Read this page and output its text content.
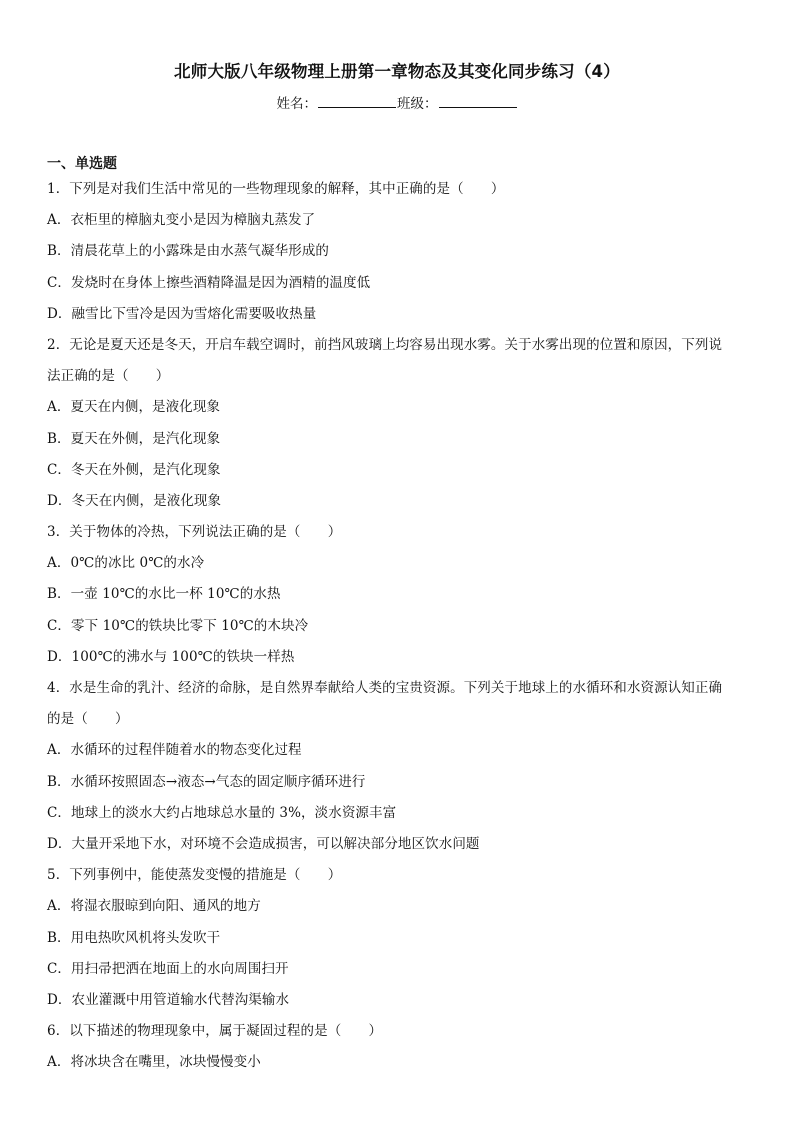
北师大版八年级物理上册第一章物态及其变化同步练习（4）
姓名：	班级：
一、单选题
1．下列是对我们生活中常见的一些物理现象的解释，其中正确的是（　　）
A．衣柜里的樟脑丸变小是因为樟脑丸蒸发了
B．清晨花草上的小露珠是由水蒸气凝华形成的
C．发烧时在身体上擦些酒精降温是因为酒精的温度低
D．融雪比下雪冷是因为雪熔化需要吸收热量
2．无论是夏天还是冬天，开启车载空调时，前挡风玻璃上均容易出现水雾。关于水雾出现的位置和原因，下列说
法正确的是（　　）
A．夏天在内侧，是液化现象
B．夏天在外侧，是汽化现象
C．冬天在外侧，是汽化现象
D．冬天在内侧，是液化现象
3．关于物体的冷热，下列说法正确的是（　　）
A．0℃的冰比 0℃的水冷
B．一壶 10℃的水比一杯 10℃的水热
C．零下 10℃的铁块比零下 10℃的木块冷
D．100℃的沸水与 100℃的铁块一样热
4．水是生命的乳汁、经济的命脉，是自然界奉献给人类的宝贵资源。下列关于地球上的水循环和水资源认知正确
的是（　　）
A．水循环的过程伴随着水的物态变化过程
B．水循环按照固态→液态→气态的固定顺序循环进行
C．地球上的淡水大约占地球总水量的 3%，淡水资源丰富
D．大量开采地下水，对环境不会造成损害，可以解决部分地区饮水问题
5．下列事例中，能使蒸发变慢的措施是（　　）
A．将湿衣服晾到向阳、通风的地方
B．用电热吹风机将头发吹干
C．用扫帚把洒在地面上的水向周围扫开
D．农业灌溉中用管道输水代替沟渠输水
6．以下描述的物理现象中，属于凝固过程的是（　　）
A．将冰块含在嘴里，冰块慢慢变小
